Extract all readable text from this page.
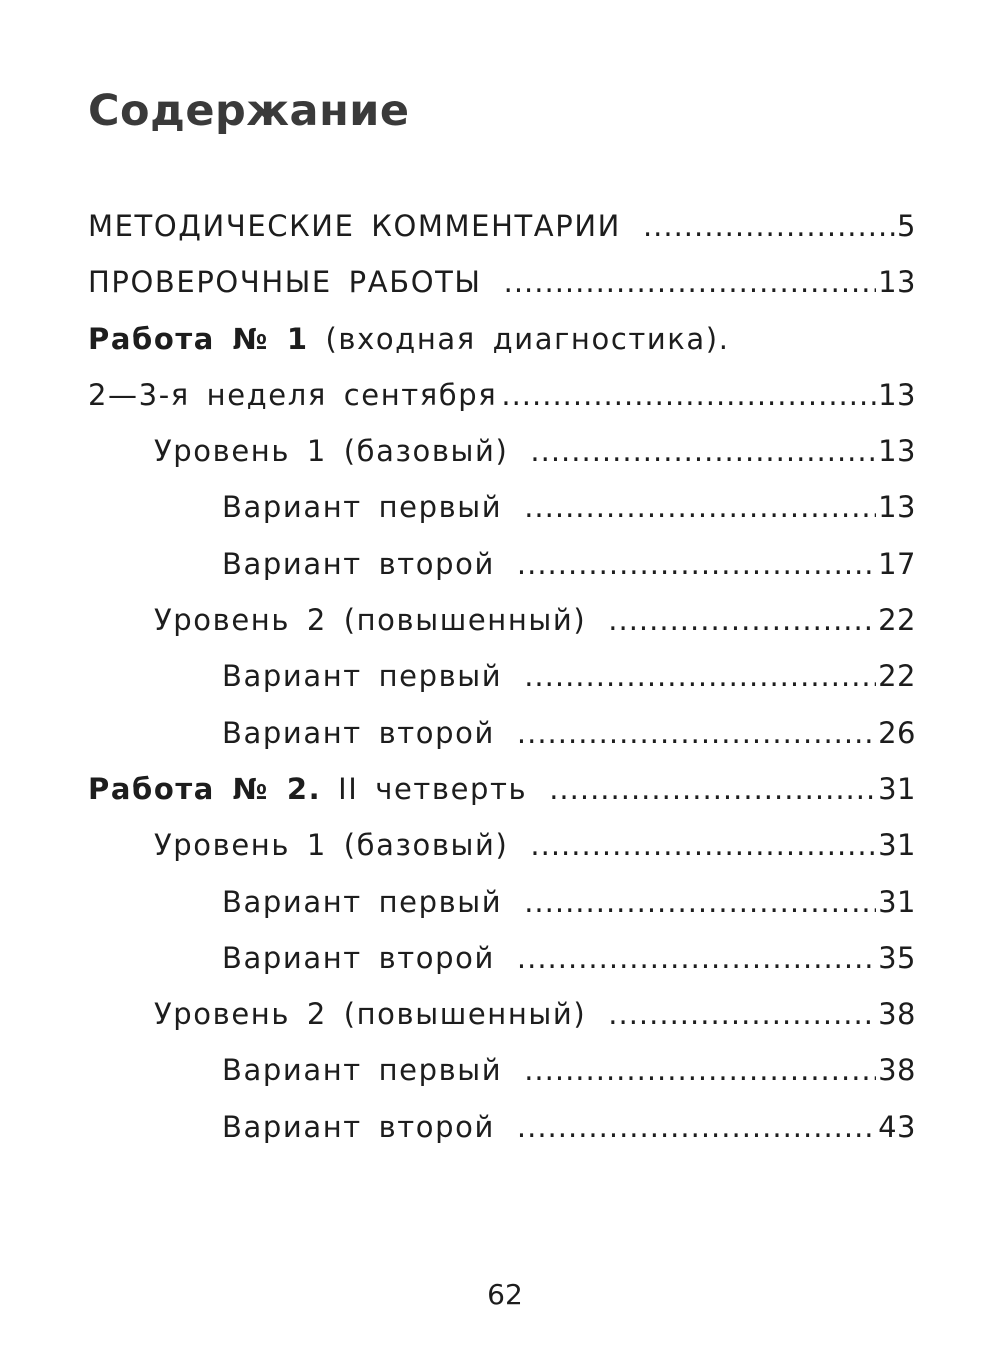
Содержание
МЕТОДИЧЕСКИЕ КОММЕНТАРИИ .....	5
ПРОВЕРОЧНЫЕ РАБОТЫ .....	13
Работа № 1 (входная диагностика).
2—3-я неделя сентября .....	13
Уровень 1 (базовый) .....	13
Вариант первый .....	13
Вариант второй .....	17
Уровень 2 (повышенный) .....	22
Вариант первый .....	22
Вариант второй .....	26
Работа № 2. II четверть .....	31
Уровень 1 (базовый) .....	31
Вариант первый .....	31
Вариант второй .....	35
Уровень 2 (повышенный) .....	38
Вариант первый .....	38
Вариант второй .....	43
62
